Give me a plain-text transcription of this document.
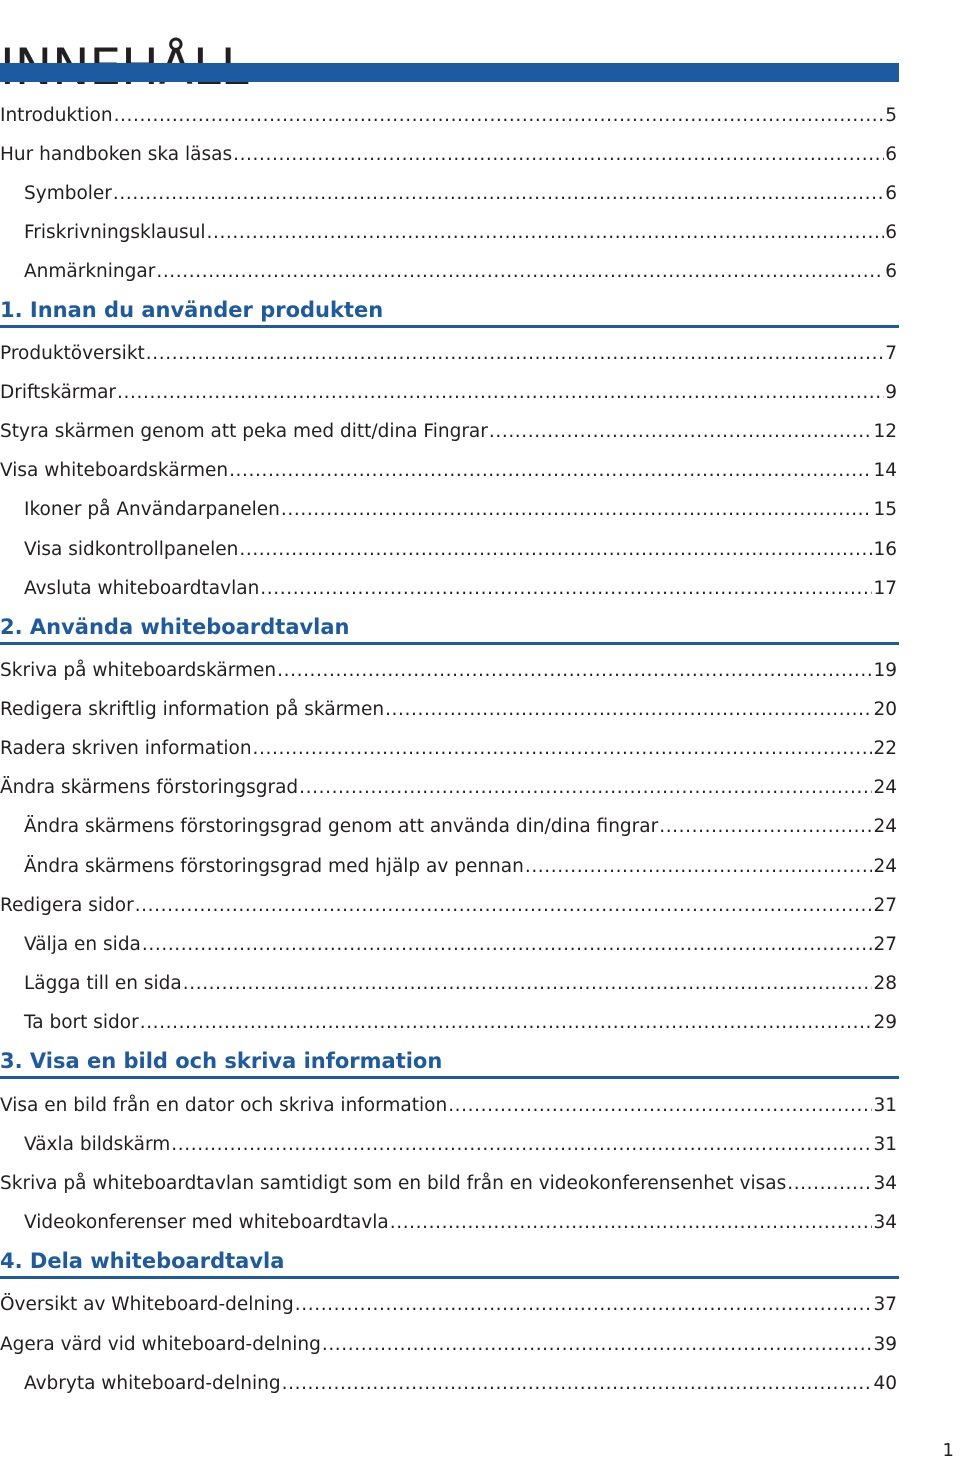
Introduktion .....	5
Hur handboken ska läsas .....	6
Symboler .....	6
Friskrivningsklausul .....	6
Anmärkningar .....	6
1. Innan du använder produkten
Produktöversikt .....	7
Driftskärmar .....	9
Styra skärmen genom att peka med ditt/dina Fingrar .....	12
Visa whiteboardskärmen .....	14
Ikoner på Användarpanelen .....	15
Visa sidkontrollpanelen .....	16
Avsluta whiteboardtavlan .....	17
2. Använda whiteboardtavlan
Skriva på whiteboardskärmen .....	19
Redigera skriftlig information på skärmen .....	20
Radera skriven information .....	22
Ändra skärmens förstoringsgrad .....	24
Ändra skärmens förstoringsgrad genom att använda din/dina fingrar .....	24
Ändra skärmens förstoringsgrad med hjälp av pennan .....	24
Redigera sidor .....	27
Välja en sida .....	27
Lägga till en sida .....	28
Ta bort sidor .....	29
3. Visa en bild och skriva information
Visa en bild från en dator och skriva information .....	31
Växla bildskärm .....	31
Skriva på whiteboardtavlan samtidigt som en bild från en videokonferensenhet visas .....	34
Videokonferenser med whiteboardtavla .....	34
4. Dela whiteboardtavla
Översikt av Whiteboard-delning .....	37
Agera värd vid whiteboard-delning .....	39
Avbryta whiteboard-delning .....	40
1
